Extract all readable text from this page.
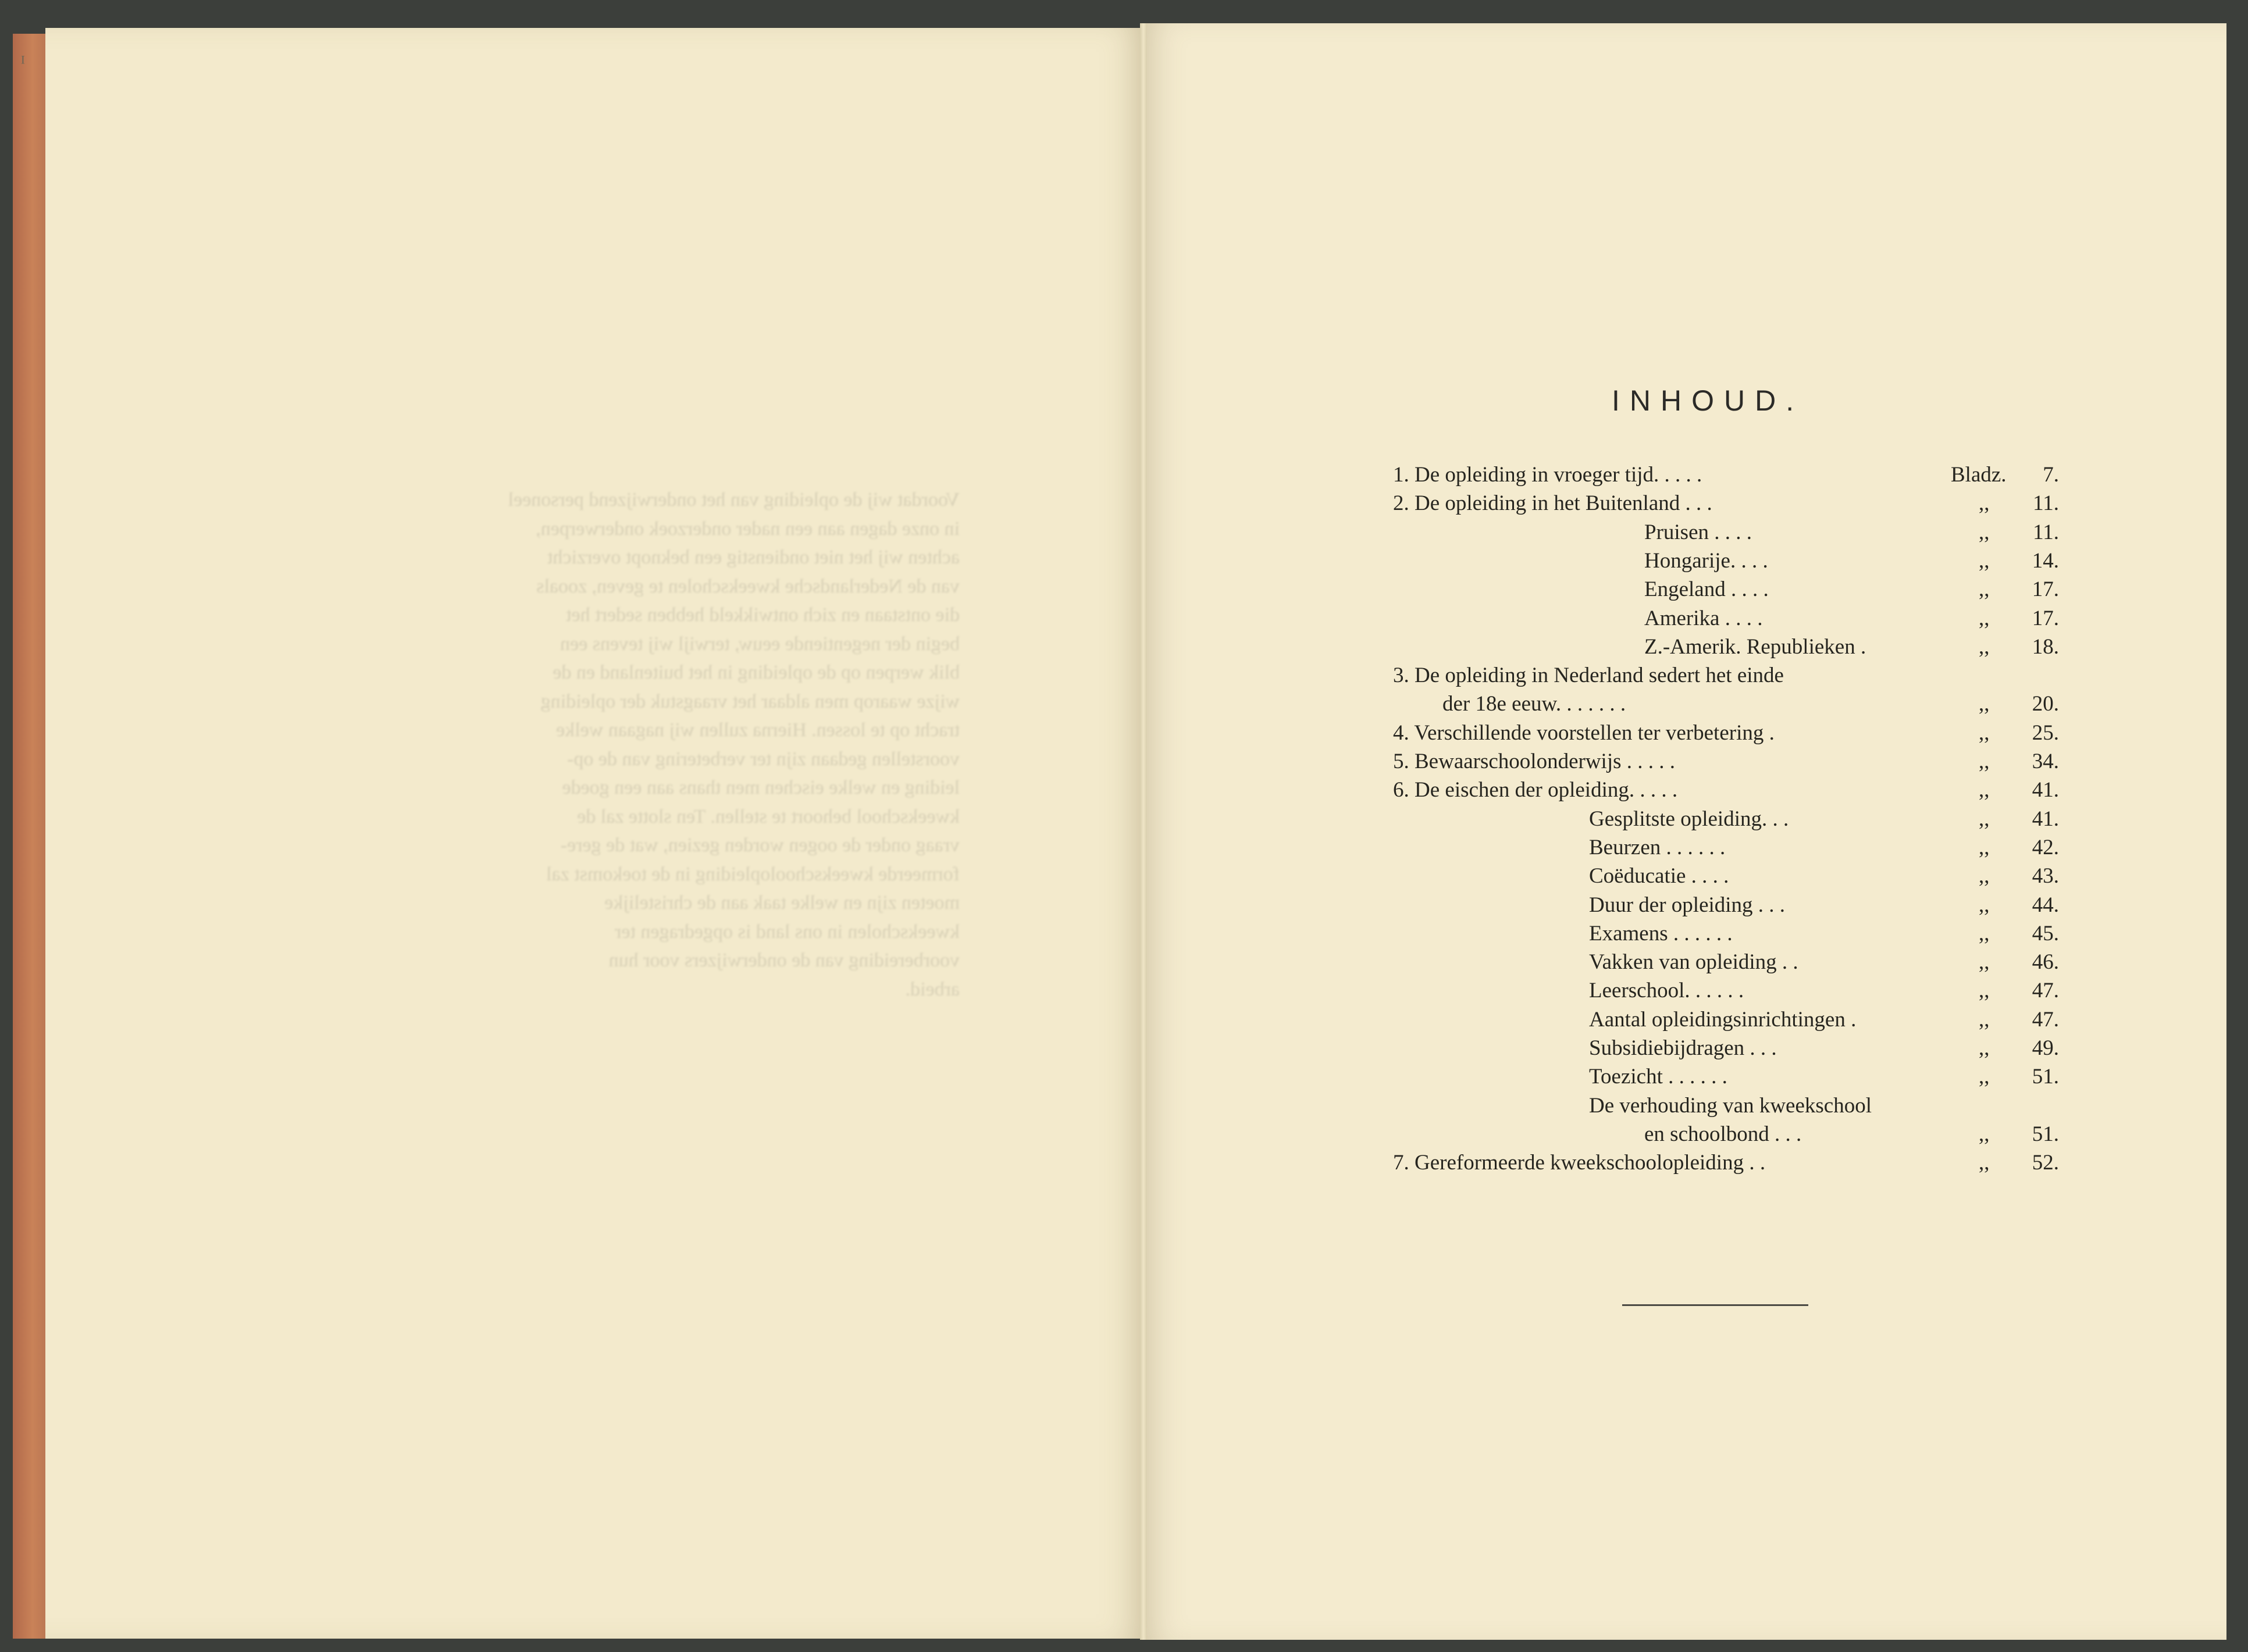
ᴵ
Voordat wij de opleiding van het onderwijzend personeel
in onze dagen aan een nader onderzoek onderwerpen,
achten wij het niet ondienstig een beknopt overzicht
van de Nederlandsche kweekscholen te geven, zooals
die ontstaan en zich ontwikkeld hebben sedert het
begin der negentiende eeuw, terwijl wij tevens een
blik werpen op de opleiding in het buitenland en de
wijze waarop men aldaar het vraagstuk der opleiding
tracht op te lossen. Hierna zullen wij nagaan welke
voorstellen gedaan zijn ter verbetering van de op-
leiding en welke eischen men thans aan een goede
kweekschool behoort te stellen. Ten slotte zal de
vraag onder de oogen worden gezien, wat de gere-
formeerde kweekschoolopleiding in de toekomst zal
moeten zijn en welke taak aan de christelijke
kweekscholen in ons land is opgedragen ter
voorbereiding van de onderwijzers voor hun
arbeid.
INHOUD.
1. De opleiding in vroeger tijd. . . . .	Bladz. 7.
2. De opleiding in het Buitenland . . .	,, 11.
Pruisen . . . .	,, 11.
Hongarije. . . .	,, 14.
Engeland . . . .	,, 17.
Amerika . . . .	,, 17.
Z.-Amerik. Republieken .	,, 18.
3. De opleiding in Nederland sedert het einde
der 18e eeuw. . . . . . .	,, 20.
4. Verschillende voorstellen ter verbetering .	,, 25.
5. Bewaarschoolonderwijs . . . . .	,, 34.
6. De eischen der opleiding. . . . .	,, 41.
Gesplitste opleiding. . .	,, 41.
Beurzen . . . . . .	,, 42.
Coëducatie . . . .	,, 43.
Duur der opleiding . . .	,, 44.
Examens . . . . . .	,, 45.
Vakken van opleiding . .	,, 46.
Leerschool. . . . . .	,, 47.
Aantal opleidingsinrichtingen .	,, 47.
Subsidiebijdragen . . .	,, 49.
Toezicht . . . . . .	,, 51.
De verhouding van kweekschool
en schoolbond . . .	,, 51.
7. Gereformeerde kweekschoolopleiding . .	,, 52.
